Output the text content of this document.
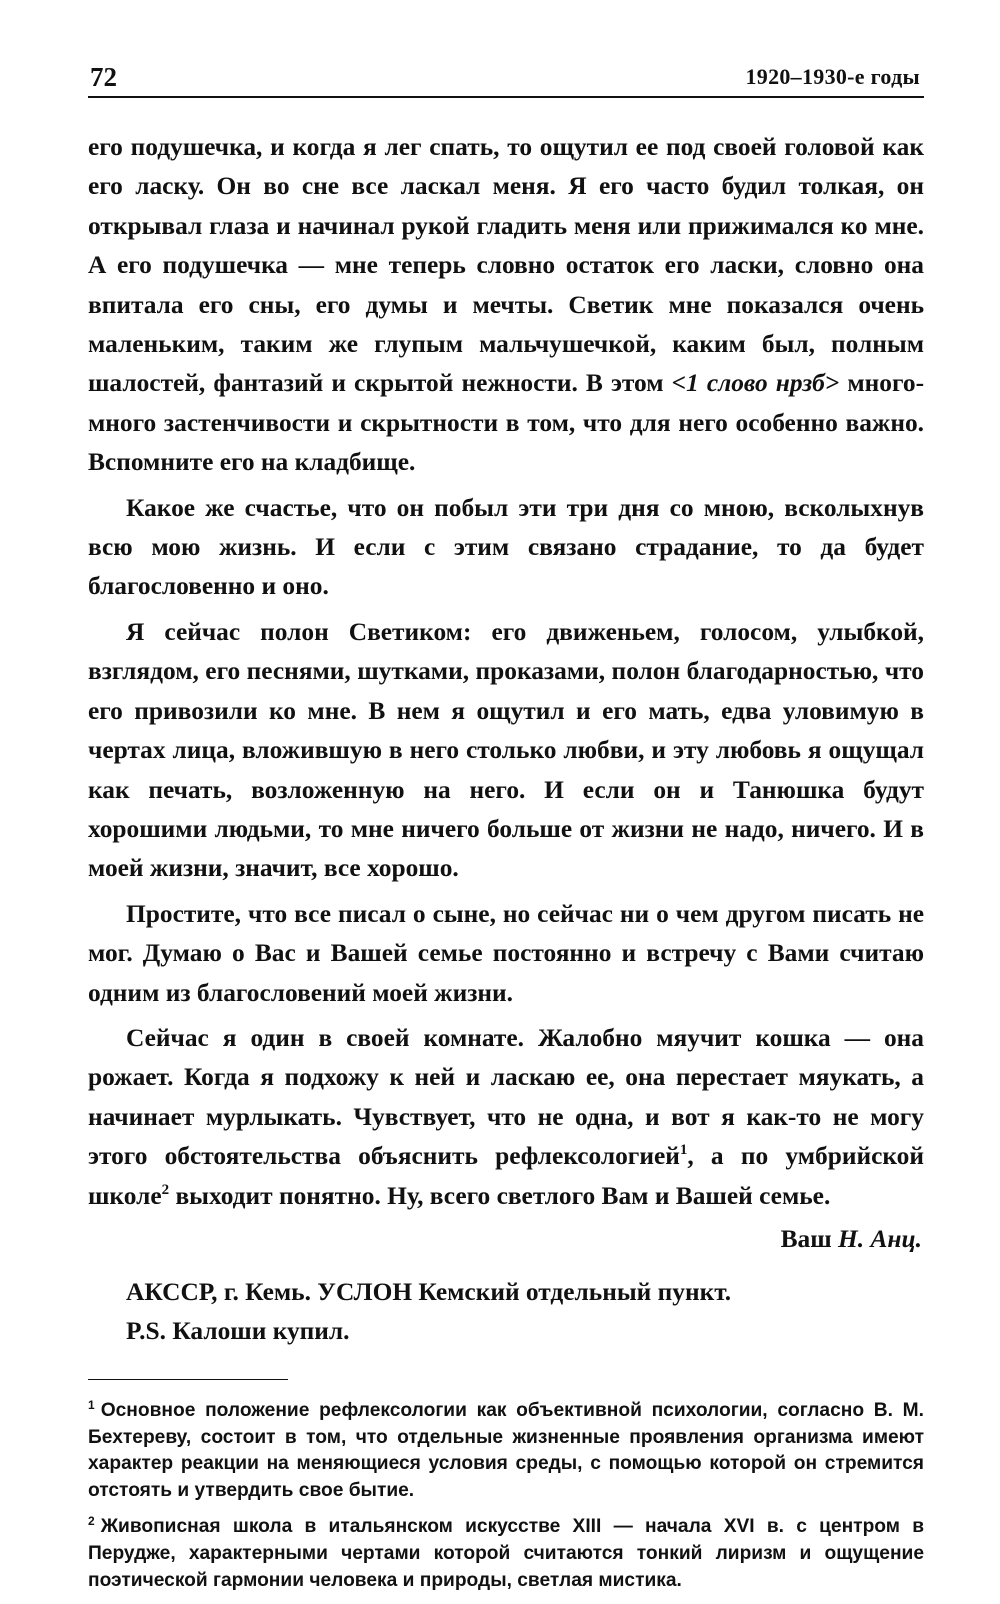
72	1920–1930-е годы

его подушечка, и когда я лег спать, то ощутил ее под своей головой как его ласку. Он во сне все ласкал меня. Я его часто будил толкая, он открывал глаза и начинал рукой гладить меня или прижимался ко мне. А его подушечка — мне теперь словно остаток его ласки, словно она впитала его сны, его думы и мечты. Светик мне показался очень маленьким, таким же глупым мальчушечкой, каким был, полным шалостей, фантазий и скрытой нежности. В этом <1 слово нрзб> много-много застенчивости и скрытности в том, что для него особенно важно. Вспомните его на кладбище.

Какое же счастье, что он побыл эти три дня со мною, всколыхнув всю мою жизнь. И если с этим связано страдание, то да будет благословенно и оно.

Я сейчас полон Светиком: его движеньем, голосом, улыбкой, взглядом, его песнями, шутками, проказами, полон благодарностью, что его привозили ко мне. В нем я ощутил и его мать, едва уловимую в чертах лица, вложившую в него столько любви, и эту любовь я ощущал как печать, возложенную на него. И если он и Танюшка будут хорошими людьми, то мне ничего больше от жизни не надо, ничего. И в моей жизни, значит, все хорошо.

Простите, что все писал о сыне, но сейчас ни о чем другом писать не мог. Думаю о Вас и Вашей семье постоянно и встречу с Вами считаю одним из благословений моей жизни.

Сейчас я один в своей комнате. Жалобно мяучит кошка — она рожает. Когда я подхожу к ней и ласкаю ее, она перестает мяукать, а начинает мурлыкать. Чувствует, что не одна, и вот я как-то не могу этого обстоятельства объяснить рефлексологией$^1$, а по умбрийской школе$^2$ выходит понятно. Ну, всего светлого Вам и Вашей семье.

Ваш Н. Анц.
АКССР, г. Кемь. УСЛОН Кемский отдельный пункт.
P.S. Калоши купил.

$^1$ Основное положение рефлексологии как объективной психологии, согласно В. М. Бехтереву, состоит в том, что отдельные жизненные проявления организма имеют характер реакции на меняющиеся условия среды, с помощью которой он стремится отстоять и утвердить свое бытие.

$^2$ Живописная школа в итальянском искусстве XIII — начала XVI в. с центром в Перудже, характерными чертами которой считаются тонкий лиризм и ощущение поэтической гармонии человека и природы, светлая мистика.
